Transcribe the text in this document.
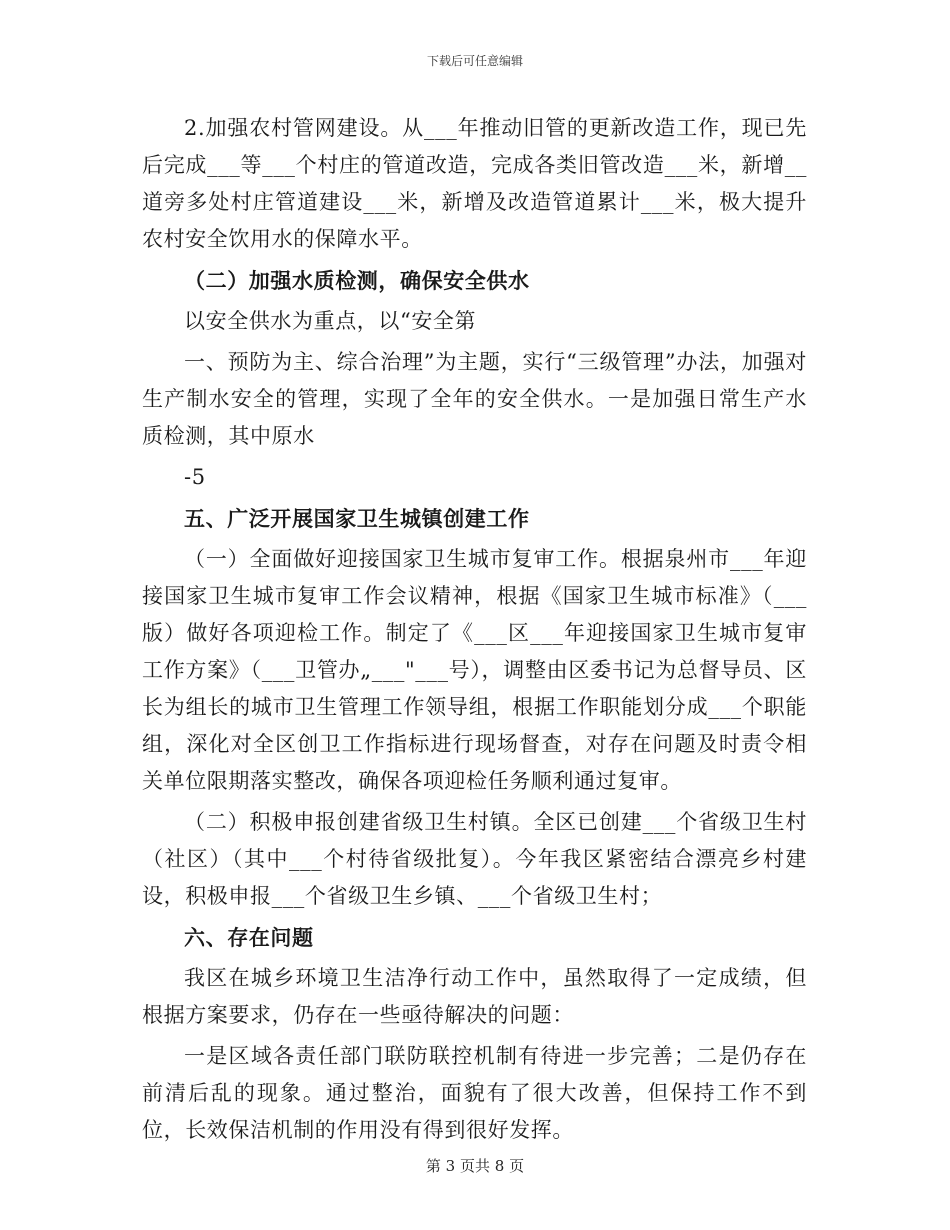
下载后可任意编辑

2.加强农村管网建设。从___年推动旧管的更新改造工作，现已先后完成___等___个村庄的管道改造，完成各类旧管改造___米，新增__道旁多处村庄管道建设___米，新增及改造管道累计___米，极大提升农村安全饮用水的保障水平。

（二）加强水质检测，确保安全供水

以安全供水为重点，以“安全第

一、预防为主、综合治理”为主题，实行“三级管理”办法，加强对生产制水安全的管理，实现了全年的安全供水。一是加强日常生产水质检测，其中原水

-5

五、广泛开展国家卫生城镇创建工作

（一）全面做好迎接国家卫生城市复审工作。根据泉州市___年迎接国家卫生城市复审工作会议精神，根据《国家卫生城市标准》（___版）做好各项迎检工作。制定了《___区___年迎接国家卫生城市复审工作方案》（___卫管办„___"___号），调整由区委书记为总督导员、区长为组长的城市卫生管理工作领导组，根据工作职能划分成___个职能组，深化对全区创卫工作指标进行现场督查，对存在问题及时责令相关单位限期落实整改，确保各项迎检任务顺利通过复审。

（二）积极申报创建省级卫生村镇。全区已创建___个省级卫生村（社区）（其中___个村待省级批复）。今年我区紧密结合漂亮乡村建设，积极申报___个省级卫生乡镇、___个省级卫生村；

六、存在问题

我区在城乡环境卫生洁净行动工作中，虽然取得了一定成绩，但根据方案要求，仍存在一些亟待解决的问题：

一是区域各责任部门联防联控机制有待进一步完善；二是仍存在前清后乱的现象。通过整治，面貌有了很大改善，但保持工作不到位，长效保洁机制的作用没有得到很好发挥。

第 3 页共 8 页
